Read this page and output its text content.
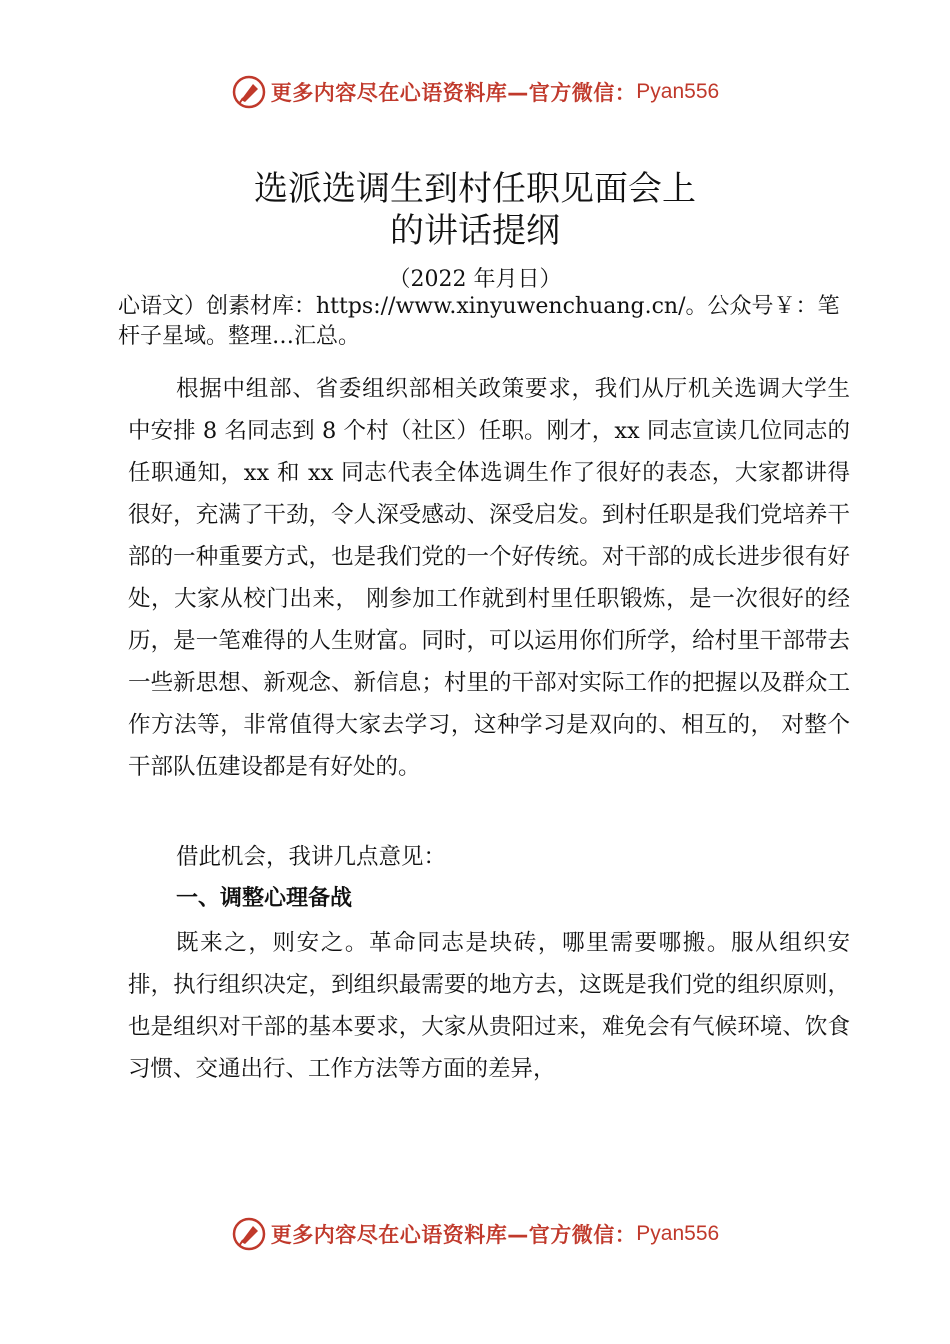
更多内容尽在心语资料库—官方微信： Pyan556
选派选调生到村任职见面会上
的讲话提纲
（2022 年月日）
心语文）创素材库：https://www.xinyuwenchuang.cn/。公众号￥：笔杆子星域。整理…汇总。
根据中组部、省委组织部相关政策要求，我们从厅机关选调大学生中安排 8 名同志到 8 个村（社区）任职。刚才，xx 同志宣读几位同志的任职通知，xx 和 xx 同志代表全体选调生作了很好的表态，大家都讲得很好，充满了干劲，令人深受感动、深受启发。到村任职是我们党培养干部的一种重要方式，也是我们党的一个好传统。对干部的成长进步很有好处，大家从校门出来， 刚参加工作就到村里任职锻炼，是一次很好的经历，是一笔难得的人生财富。同时，可以运用你们所学，给村里干部带去一些新思想、新观念、新信息；村里的干部对实际工作的把握以及群众工作方法等，非常值得大家去学习，这种学习是双向的、相互的， 对整个干部队伍建设都是有好处的。
借此机会，我讲几点意见：
一、调整心理备战
既来之，则安之。革命同志是块砖，哪里需要哪搬。服从组织安排，执行组织决定，到组织最需要的地方去，这既是我们党的组织原则，也是组织对干部的基本要求，大家从贵阳过来，难免会有气候环境、饮食习惯、交通出行、工作方法等方面的差异，
更多内容尽在心语资料库—官方微信： Pyan556
